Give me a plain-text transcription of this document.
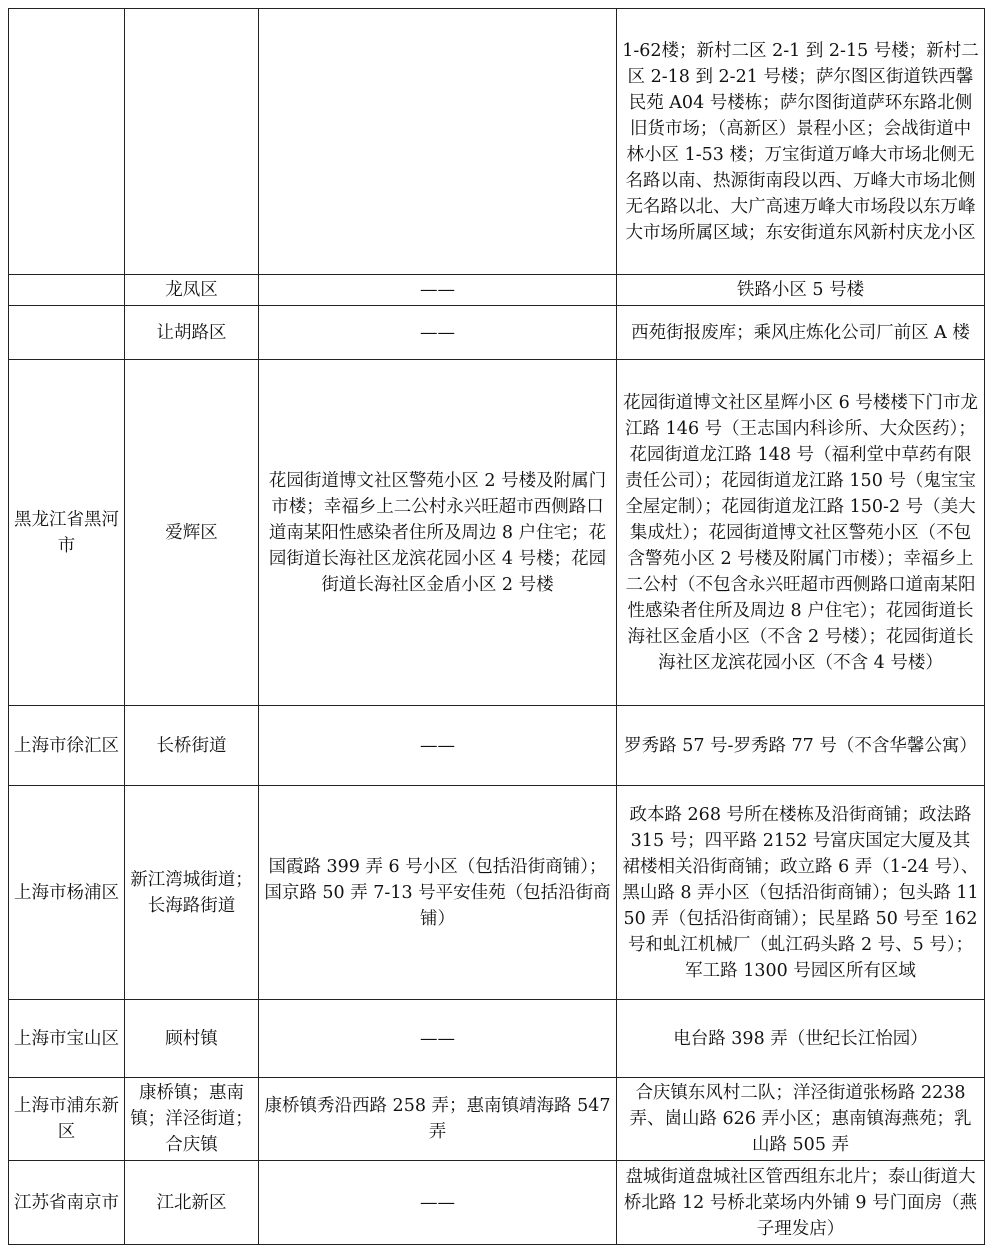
			1-62楼；新村二区 2-1 到 2-15 号楼；新村二区 2-18 到 2-21 号楼；萨尔图区街道铁西馨民苑 A04 号楼栋；萨尔图街道萨环东路北侧旧货市场；（高新区）景程小区；会战街道中林小区 1-53 楼；万宝街道万峰大市场北侧无名路以南、热源街南段以西、万峰大市场北侧无名路以北、大广高速万峰大市场段以东万峰大市场所属区域；东安街道东风新村庆龙小区
	龙凤区	——	铁路小区 5 号楼
	让胡路区	——	西苑街报废库；乘风庄炼化公司厂前区 A 楼
黑龙江省黑河市	爱辉区	花园街道博文社区警苑小区 2 号楼及附属门市楼；幸福乡上二公村永兴旺超市西侧路口道南某阳性感染者住所及周边 8 户住宅；花园街道长海社区龙滨花园小区 4 号楼；花园街道长海社区金盾小区 2 号楼	花园街道博文社区星辉小区 6 号楼楼下门市龙江路 146 号（王志国内科诊所、大众医药）；花园街道龙江路 148 号（福利堂中草药有限责任公司）；花园街道龙江路 150 号（鬼宝宝全屋定制）；花园街道龙江路 150-2 号（美大集成灶）；花园街道博文社区警苑小区（不包含警苑小区 2 号楼及附属门市楼）；幸福乡上二公村（不包含永兴旺超市西侧路口道南某阳性感染者住所及周边 8 户住宅）；花园街道长海社区金盾小区（不含 2 号楼）；花园街道长海社区龙滨花园小区（不含 4 号楼）
上海市徐汇区	长桥街道	——	罗秀路 57 号-罗秀路 77 号（不含华馨公寓）
上海市杨浦区	新江湾城街道；长海路街道	国霞路 399 弄 6 号小区（包括沿街商铺）；国京路 50 弄 7-13 号平安佳苑（包括沿街商铺）	政本路 268 号所在楼栋及沿街商铺；政法路 315 号；四平路 2152 号富庆国定大厦及其裙楼相关沿街商铺；政立路 6 弄（1-24 号）、黑山路 8 弄小区（包括沿街商铺）；包头路 1150 弄（包括沿街商铺）；民星路 50 号至 162 号和虬江机械厂（虬江码头路 2 号、5 号）；军工路 1300 号园区所有区域
上海市宝山区	顾村镇	——	电台路 398 弄（世纪长江怡园）
上海市浦东新区	康桥镇；惠南镇；洋泾街道；合庆镇	康桥镇秀沿西路 258 弄；惠南镇靖海路 547 弄	合庆镇东风村二队；洋泾街道张杨路 2238 弄、崮山路 626 弄小区；惠南镇海燕苑；乳山路 505 弄
江苏省南京市	江北新区	——	盘城街道盘城社区管西组东北片；泰山街道大桥北路 12 号桥北菜场内外铺 9 号门面房（燕子理发店）
